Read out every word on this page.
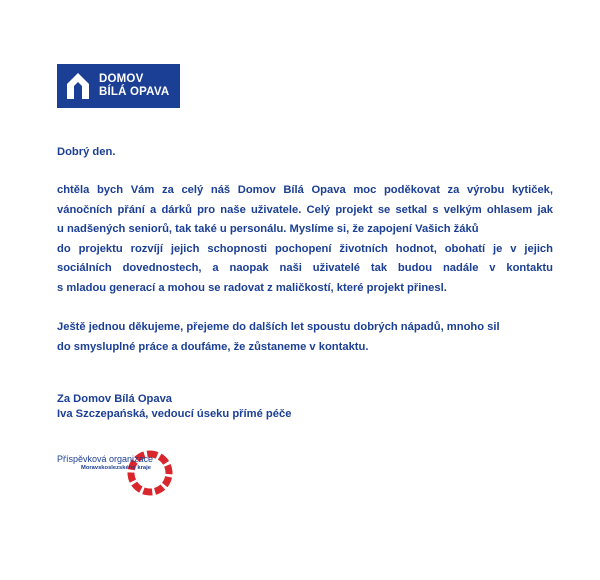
DOMOV
BÍLÁ OPAVA

Dobrý den.

chtěla bych Vám za celý náš Domov Bílá Opava moc poděkovat za výrobu kytiček,
vánočních přání a dárků pro naše uživatele. Celý projekt se setkal s velkým ohlasem jak
u nadšených seniorů, tak také u personálu. Myslíme si, že zapojení Vašich žáků
do projektu rozvíjí jejich schopnosti pochopení životních hodnot, obohatí je v jejich
sociálních dovednostech, a naopak naši uživatelé tak budou nadále v kontaktu
s mladou generací a mohou se radovat z maličkostí, které projekt přinesl.

Ještě jednou děkujeme, přejeme do dalších let spoustu dobrých nápadů, mnoho sil
do smysluplné práce a doufáme, že zůstaneme v kontaktu.

Za Domov Bílá Opava
Iva Szczepańská, vedoucí úseku přímé péče

Příspěvková organizace
Moravskoslezského kraje
